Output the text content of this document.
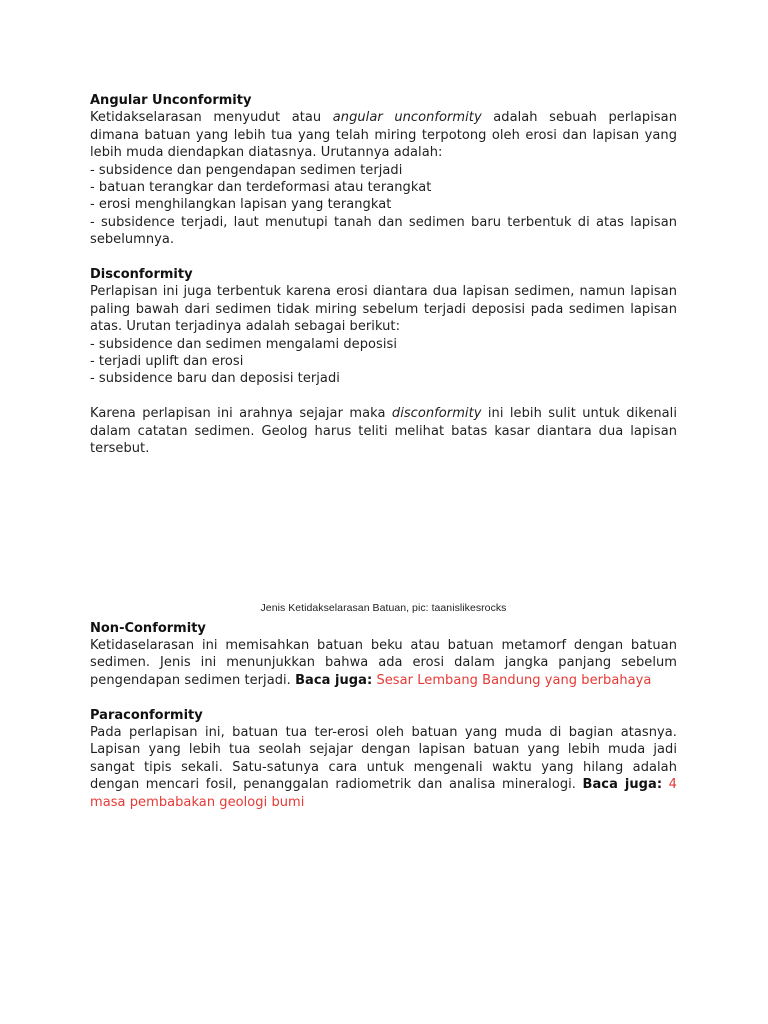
Angular Unconformity

Ketidakselarasan menyudut atau angular unconformity adalah sebuah perlapisan dimana batuan yang lebih tua yang telah miring terpotong oleh erosi dan lapisan yang lebih muda diendapkan diatasnya. Urutannya adalah:

- subsidence dan pengendapan sedimen terjadi

- batuan terangkar dan terdeformasi atau terangkat

- erosi menghilangkan lapisan yang terangkat

- subsidence terjadi, laut menutupi tanah dan sedimen baru terbentuk di atas lapisan sebelumnya.

Disconformity

Perlapisan ini juga terbentuk karena erosi diantara dua lapisan sedimen, namun lapisan paling bawah dari sedimen tidak miring sebelum terjadi deposisi pada sedimen lapisan atas. Urutan terjadinya adalah sebagai berikut:

- subsidence dan sedimen mengalami deposisi

- terjadi uplift dan erosi

- subsidence baru dan deposisi terjadi

Karena perlapisan ini arahnya sejajar maka disconformity ini lebih sulit untuk dikenali dalam catatan sedimen. Geolog harus teliti melihat batas kasar diantara dua lapisan tersebut.

Jenis Ketidakselarasan Batuan, pic: taanislikesrocks

Non-Conformity

Ketidaselarasan ini memisahkan batuan beku atau batuan metamorf dengan batuan sedimen. Jenis ini menunjukkan bahwa ada erosi dalam jangka panjang sebelum pengendapan sedimen terjadi. Baca juga: Sesar Lembang Bandung yang berbahaya

Paraconformity

Pada perlapisan ini, batuan tua ter-erosi oleh batuan yang muda di bagian atasnya. Lapisan yang lebih tua seolah sejajar dengan lapisan batuan yang lebih muda jadi sangat tipis sekali. Satu-satunya cara untuk mengenali waktu yang hilang adalah dengan mencari fosil, penanggalan radiometrik dan analisa mineralogi. Baca juga: 4 masa pembabakan geologi bumi
